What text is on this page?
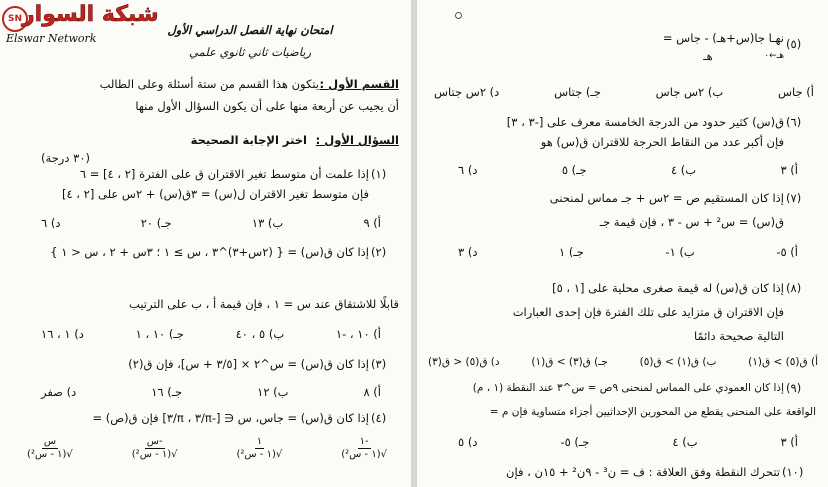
SN شبكة السوار
Elswar Network
امتحان نهاية الفصل الدراسي الأول
رياضيات ثاني ثانوي علمي
القسم الأول :
يتكون هذا القسم من ستة أسئلة وعلى الطالب
أن يجيب عن أربعة منها على أن يكون السؤال الأول منها
السؤال الأول :
اختر الإجابة الصحيحة
(٣٠ درجة)
(١)
إذا علمت أن متوسط تغير الاقتران ق على الفترة [٢ ، ٤] = ٦
فإن متوسط تغير الاقتران ل(س) = ٣ق(س) + ٢س على [٢ ، ٤]
أ) ٩
ب) ١٣
جـ) ٢٠
د) ٦
(٢)
إذا كان ق(س) = { (٢س+٣)^٣ ، س ≥ ١ ؛ ٣س + ٢ ، س < ١ }
قابلًا للاشتقاق عند س = ١ ، فإن قيمة أ ، ب على الترتيب
أ) ١٠ ، -١
ب) ٥ ، ٤٠
جـ) ١٠ ، ١
د) ١ ، ١٦
(٣)
إذا كان ق(س) = س^٢ × [٣/٥ + س]، فإن ق(٢)
أ) ٨
ب) ١٢
جـ) ١٦
د) صفر
(٤)
إذا كان ق(س) = جاس، س ∈ [-π/٣ ، π/٣] فإن ق(ص) =
$\frac{-١}{\text{√(١ - س²)}}$
$\frac{١}{\text{√(١ - س²)}}$
$\frac{\text{-س}}{\text{√(١ - س²)}}$
$\frac{\text{س}}{\text{√(١ - س²)}}$
(٥)
نهـا جا(س+هـ) - جاس =
هـ	هـ←٠
أ) جاس
ب) ٢س جاس
جـ) جتاس
د) ٢س جتاس
(٦)
ق(س) كثير حدود من الدرجة الخامسة معرف على [-٣ ، ٣]
فإن أكبر عدد من النقاط الحرجة للاقتران ق(س) هو
أ) ٣
ب) ٤
جـ) ٥
د) ٦
(٧)
إذا كان المستقيم ص = ٢س + جـ مماس لمنحنى
ق(س) = س² + س - ٣ ، فإن قيمة جـ
أ) ٥-
ب) ١-
جـ) ١
د) ٣
(٨)
إذا كان ق(س) له قيمة صغرى محلية على [١ ، ٥]
فإن الاقتران ق متزايد على تلك الفترة فإن إحدى العبارات
التالية صحيحة دائمًا
أ) ق(٥) > ق(١)
ب) ق(١) > ق(٥)
جـ) ق(٣) > ق(١)
د) ق(٥) < ق(٣)
(٩)
إذا كان العمودي على المماس لمنحنى ٩ص = س^٣ عند النقطة (١ ، م)
الواقعة على المنحنى يقطع من المحورين الإحداثيين أجزاء متساوية فإن م =
أ) ٣
ب) ٤
جـ) ٥-
د) ٥
(١٠)
تتحرك النقطة وفق العلاقة : ف = ن³ - ٩ن² + ١٥ن ، فإن
